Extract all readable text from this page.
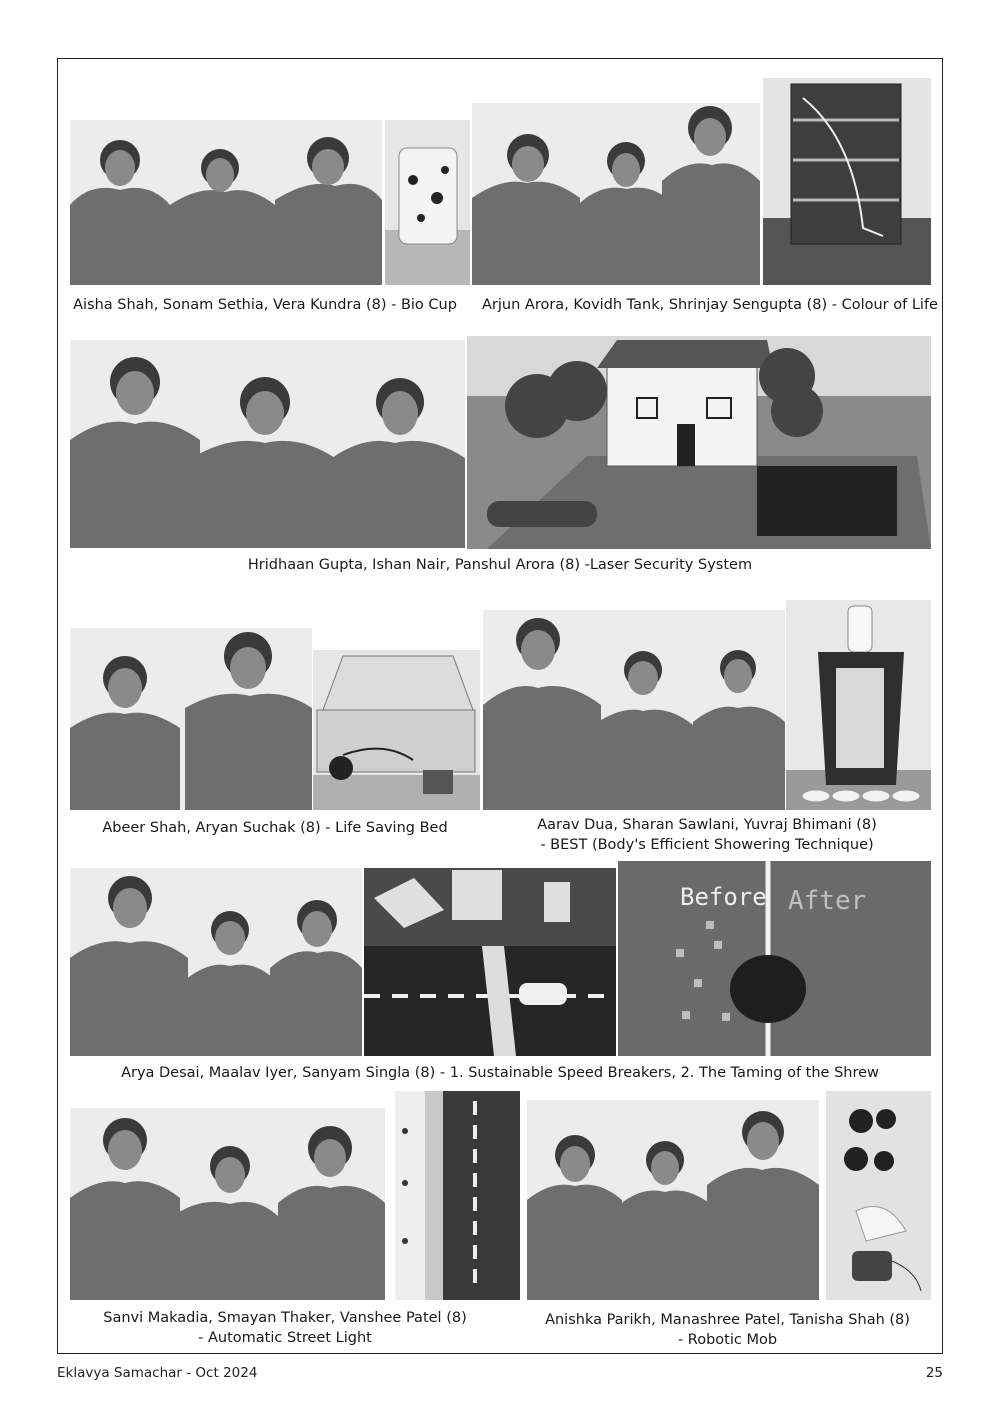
Aisha Shah, Sonam Sethia, Vera Kundra (8) - Bio Cup Arjun Arora, Kovidh Tank, Shrinjay Sengupta (8) - Colour of Life
Hridhaan Gupta, Ishan Nair, Panshul Arora (8) -Laser Security System
Abeer Shah, Aryan Suchak (8) - Life Saving Bed	Aarav Dua, Sharan Sawlani, Yuvraj Bhimani (8)
- BEST (Body's Efficient Showering Technique)
Before After
Arya Desai, Maalav Iyer, Sanyam Singla (8) - 1. Sustainable Speed Breakers, 2. The Taming of the Shrew
Sanvi Makadia, Smayan Thaker, Vanshee Patel (8)
- Automatic Street Light
Anishka Parikh, Manashree Patel, Tanisha Shah (8)
- Robotic Mob
Eklavya Samachar - Oct 2024	25
